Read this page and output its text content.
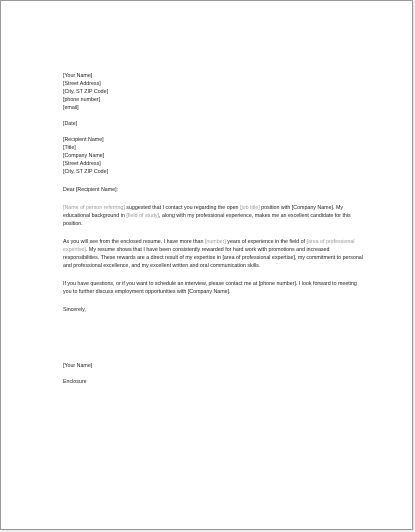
[Your Name]
[Street Address]
[City, ST ZIP Code]
[phone number]
[email]
[Date]
[Recipient Name]
[Title]
[Company Name]
[Street Address]
[City, ST ZIP Code]
Dear [Recipient Name]:

[Name of person referring] suggested that I contact you regarding the open [job title] position with [Company Name]. My educational background in [field of study], along with my professional experience, makes me an excellent candidate for this position.

As you will see from the enclosed resume, I have more than [number] years of experience in the field of [area of professional expertise]. My resume shows that I have been consistently rewarded for hard work with promotions and increased responsibilities. These rewards are a direct result of my expertise in [area of professional expertise], my commitment to personal and professional excellence, and my excellent written and oral communication skills.

If you have questions, or if you want to schedule an interview, please contact me at [phone number]. I look forward to meeting you to further discuss employment opportunities with [Company Name].

Sincerely,
[Your Name]
Enclosure
